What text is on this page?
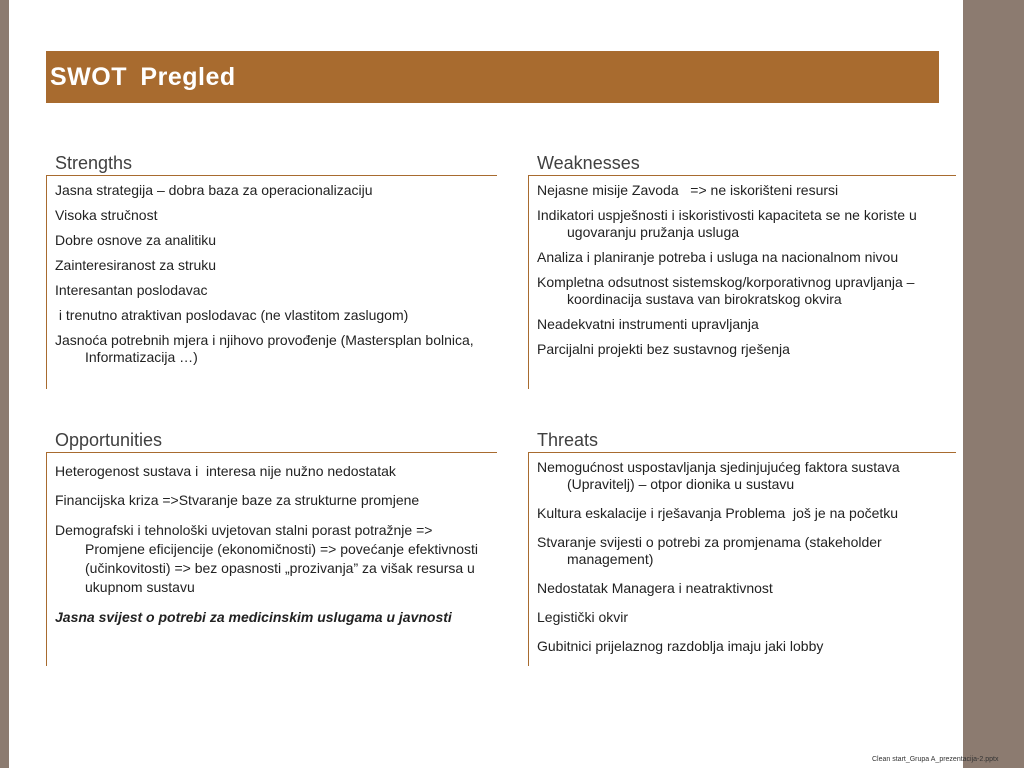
SWOT Pregled
Strengths
Jasna strategija – dobra baza za operacionalizaciju
Visoka stručnost
Dobre osnove za analitiku
Zainteresiranost za struku
Interesantan poslodavac
i trenutno atraktivan poslodavac (ne vlastitom zaslugom)
Jasnoća potrebnih mjera i njihovo provođenje (Mastersplan bolnica, Informatizacija …)
Weaknesses
Nejasne misije Zavoda   => ne iskorišteni resursi
Indikatori uspješnosti i iskoristivosti kapaciteta se ne koriste u ugovaranju pružanja usluga
Analiza i planiranje potreba i usluga na nacionalnom nivou
Kompletna odsutnost sistemskog/korporativnog upravljanja – koordinacija sustava van birokratskog okvira
Neadekvatni instrumenti upravljanja
Parcijalni projekti bez sustavnog rješenja
Opportunities
Heterogenost sustava i  interesa nije nužno nedostatak
Financijska kriza =>Stvaranje baze za strukturne promjene
Demografski i tehnološki uvjetovan stalni porast potražnje => Promjene eficijencije (ekonomičnosti) => povećanje efektivnosti (učinkovitosti) => bez opasnosti „prozivanja” za višak resursa u ukupnom sustavu
Jasna svijest o potrebi za medicinskim uslugama u javnosti
Threats
Nemogućnost uspostavljanja sjedinjujućeg faktora sustava (Upravitelj) – otpor dionika u sustavu
Kultura eskalacije i rješavanja Problema  još je na početku
Stvaranje svijesti o potrebi za promjenama (stakeholder management)
Nedostatak Managera i neatraktivnost
Legistički okvir
Gubitnici prijelaznog razdoblja imaju jaki lobby
Clean start_Grupa A_prezentacija-2.pptx
